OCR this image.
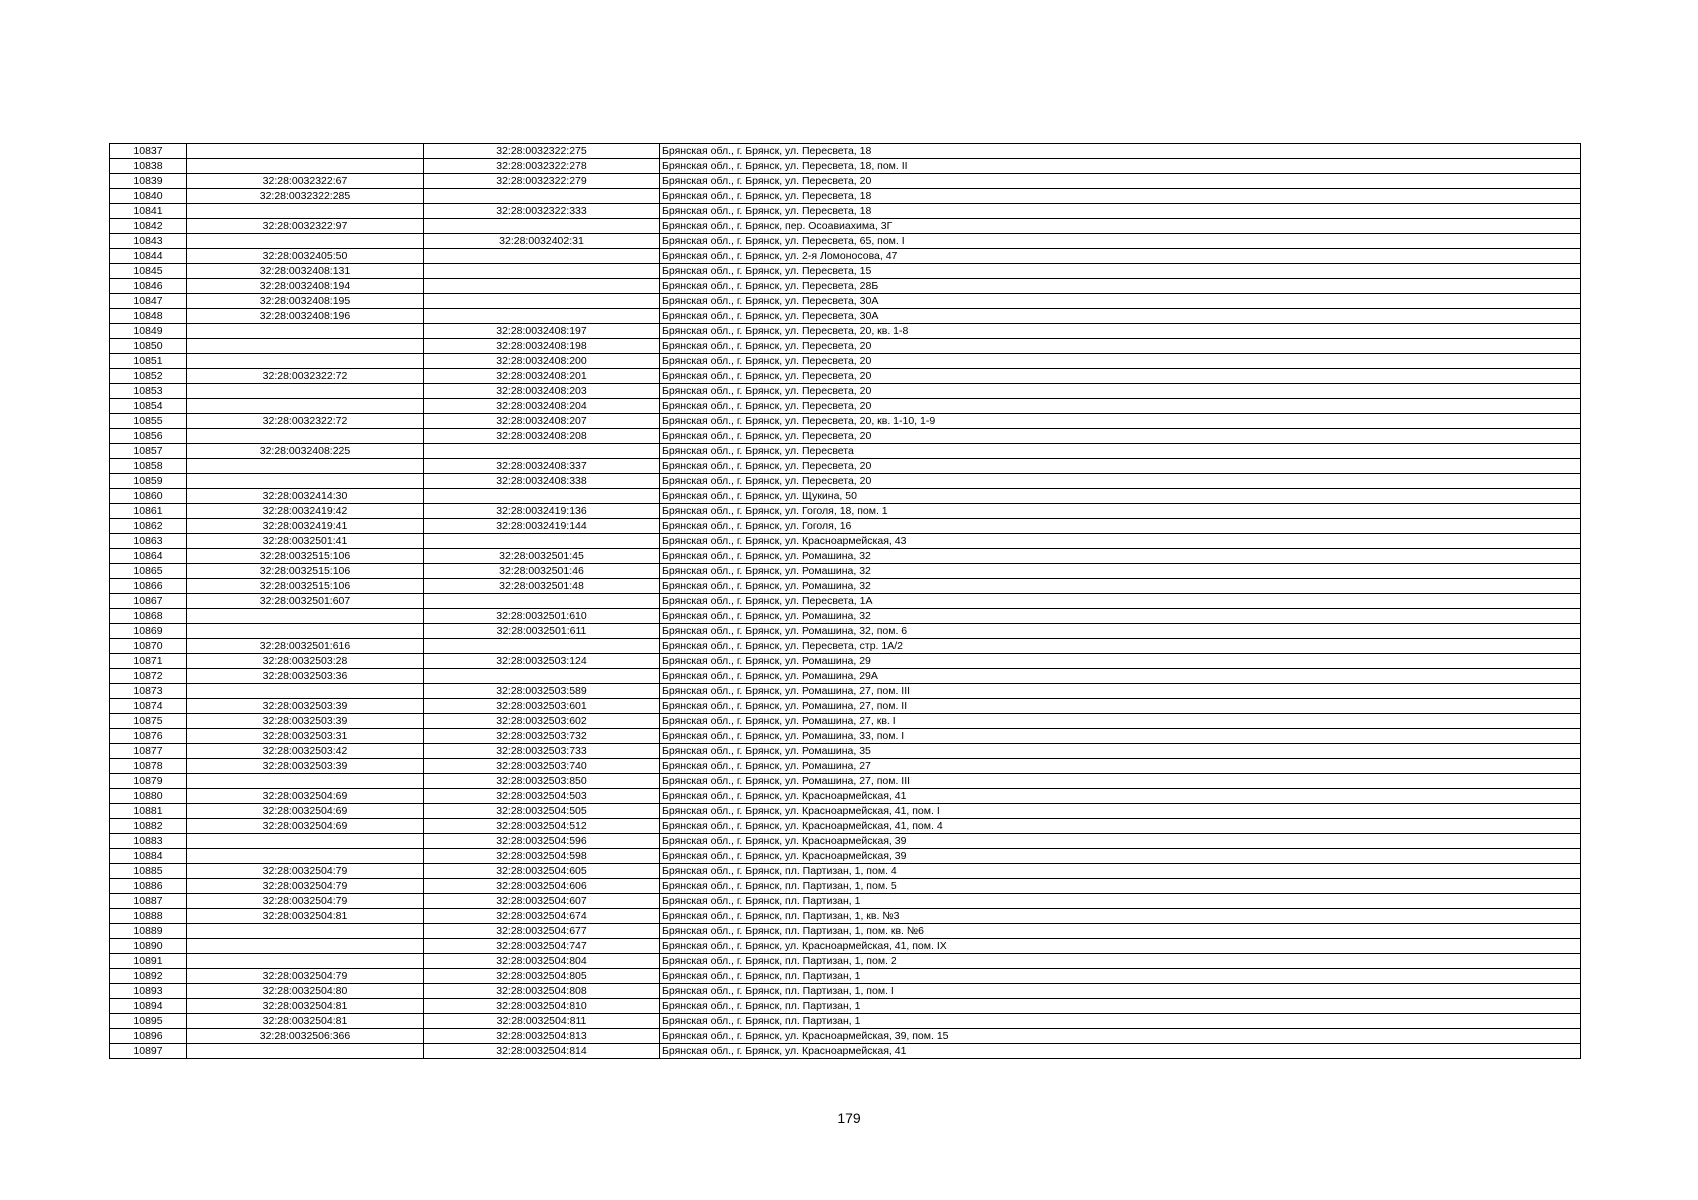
10837		32:28:0032322:275	Брянская обл., г. Брянск, ул. Пересвета, 18
10838		32:28:0032322:278	Брянская обл., г. Брянск, ул. Пересвета, 18, пом. II
10839	32:28:0032322:67	32:28:0032322:279	Брянская обл., г. Брянск, ул. Пересвета, 20
10840	32:28:0032322:285		Брянская обл., г. Брянск, ул. Пересвета, 18
10841		32:28:0032322:333	Брянская обл., г. Брянск, ул. Пересвета, 18
10842	32:28:0032322:97		Брянская обл., г. Брянск, пер. Осоавиахима, 3Г
10843		32:28:0032402:31	Брянская обл., г. Брянск, ул. Пересвета, 65, пом. I
10844	32:28:0032405:50		Брянская обл., г. Брянск, ул. 2-я Ломоносова, 47
10845	32:28:0032408:131		Брянская обл., г. Брянск, ул. Пересвета, 15
10846	32:28:0032408:194		Брянская обл., г. Брянск, ул. Пересвета, 28Б
10847	32:28:0032408:195		Брянская обл., г. Брянск, ул. Пересвета, 30А
10848	32:28:0032408:196		Брянская обл., г. Брянск, ул. Пересвета, 30А
10849		32:28:0032408:197	Брянская обл., г. Брянск, ул. Пересвета, 20, кв. 1-8
10850		32:28:0032408:198	Брянская обл., г. Брянск, ул. Пересвета, 20
10851		32:28:0032408:200	Брянская обл., г. Брянск, ул. Пересвета, 20
10852	32:28:0032322:72	32:28:0032408:201	Брянская обл., г. Брянск, ул. Пересвета, 20
10853		32:28:0032408:203	Брянская обл., г. Брянск, ул. Пересвета, 20
10854		32:28:0032408:204	Брянская обл., г. Брянск, ул. Пересвета, 20
10855	32:28:0032322:72	32:28:0032408:207	Брянская обл., г. Брянск, ул. Пересвета, 20, кв. 1-10, 1-9
10856		32:28:0032408:208	Брянская обл., г. Брянск, ул. Пересвета, 20
10857	32:28:0032408:225		Брянская обл., г. Брянск, ул. Пересвета
10858		32:28:0032408:337	Брянская обл., г. Брянск, ул. Пересвета, 20
10859		32:28:0032408:338	Брянская обл., г. Брянск, ул. Пересвета, 20
10860	32:28:0032414:30		Брянская обл., г. Брянск, ул. Щукина, 50
10861	32:28:0032419:42	32:28:0032419:136	Брянская обл., г. Брянск, ул. Гоголя, 18, пом. 1
10862	32:28:0032419:41	32:28:0032419:144	Брянская обл., г. Брянск, ул. Гоголя, 16
10863	32:28:0032501:41		Брянская обл., г. Брянск, ул. Красноармейская, 43
10864	32:28:0032515:106	32:28:0032501:45	Брянская обл., г. Брянск, ул. Ромашина, 32
10865	32:28:0032515:106	32:28:0032501:46	Брянская обл., г. Брянск, ул. Ромашина, 32
10866	32:28:0032515:106	32:28:0032501:48	Брянская обл., г. Брянск, ул. Ромашина, 32
10867	32:28:0032501:607		Брянская обл., г. Брянск, ул. Пересвета, 1А
10868		32:28:0032501:610	Брянская обл., г. Брянск, ул. Ромашина, 32
10869		32:28:0032501:611	Брянская обл., г. Брянск, ул. Ромашина, 32, пом. 6
10870	32:28:0032501:616		Брянская обл., г. Брянск, ул. Пересвета, стр. 1А/2
10871	32:28:0032503:28	32:28:0032503:124	Брянская обл., г. Брянск, ул. Ромашина, 29
10872	32:28:0032503:36		Брянская обл., г. Брянск, ул. Ромашина, 29А
10873		32:28:0032503:589	Брянская обл., г. Брянск, ул. Ромашина, 27, пом. III
10874	32:28:0032503:39	32:28:0032503:601	Брянская обл., г. Брянск, ул. Ромашина, 27, пом. II
10875	32:28:0032503:39	32:28:0032503:602	Брянская обл., г. Брянск, ул. Ромашина, 27, кв. I
10876	32:28:0032503:31	32:28:0032503:732	Брянская обл., г. Брянск, ул. Ромашина, 33, пом. I
10877	32:28:0032503:42	32:28:0032503:733	Брянская обл., г. Брянск, ул. Ромашина, 35
10878	32:28:0032503:39	32:28:0032503:740	Брянская обл., г. Брянск, ул. Ромашина, 27
10879		32:28:0032503:850	Брянская обл., г. Брянск, ул. Ромашина, 27, пом. III
10880	32:28:0032504:69	32:28:0032504:503	Брянская обл., г. Брянск, ул. Красноармейская, 41
10881	32:28:0032504:69	32:28:0032504:505	Брянская обл., г. Брянск, ул. Красноармейская, 41, пом. I
10882	32:28:0032504:69	32:28:0032504:512	Брянская обл., г. Брянск, ул. Красноармейская, 41, пом. 4
10883		32:28:0032504:596	Брянская обл., г. Брянск, ул. Красноармейская, 39
10884		32:28:0032504:598	Брянская обл., г. Брянск, ул. Красноармейская, 39
10885	32:28:0032504:79	32:28:0032504:605	Брянская обл., г. Брянск, пл. Партизан, 1, пом. 4
10886	32:28:0032504:79	32:28:0032504:606	Брянская обл., г. Брянск, пл. Партизан, 1, пом. 5
10887	32:28:0032504:79	32:28:0032504:607	Брянская обл., г. Брянск, пл. Партизан, 1
10888	32:28:0032504:81	32:28:0032504:674	Брянская обл., г. Брянск, пл. Партизан, 1, кв. №3
10889		32:28:0032504:677	Брянская обл., г. Брянск, пл. Партизан, 1, пом. кв. №6
10890		32:28:0032504:747	Брянская обл., г. Брянск, ул. Красноармейская, 41, пом. IX
10891		32:28:0032504:804	Брянская обл., г. Брянск, пл. Партизан, 1, пом. 2
10892	32:28:0032504:79	32:28:0032504:805	Брянская обл., г. Брянск, пл. Партизан, 1
10893	32:28:0032504:80	32:28:0032504:808	Брянская обл., г. Брянск, пл. Партизан, 1, пом. I
10894	32:28:0032504:81	32:28:0032504:810	Брянская обл., г. Брянск, пл. Партизан, 1
10895	32:28:0032504:81	32:28:0032504:811	Брянская обл., г. Брянск, пл. Партизан, 1
10896	32:28:0032506:366	32:28:0032504:813	Брянская обл., г. Брянск, ул. Красноармейская, 39, пом. 15
10897		32:28:0032504:814	Брянская обл., г. Брянск, ул. Красноармейская, 41
179
